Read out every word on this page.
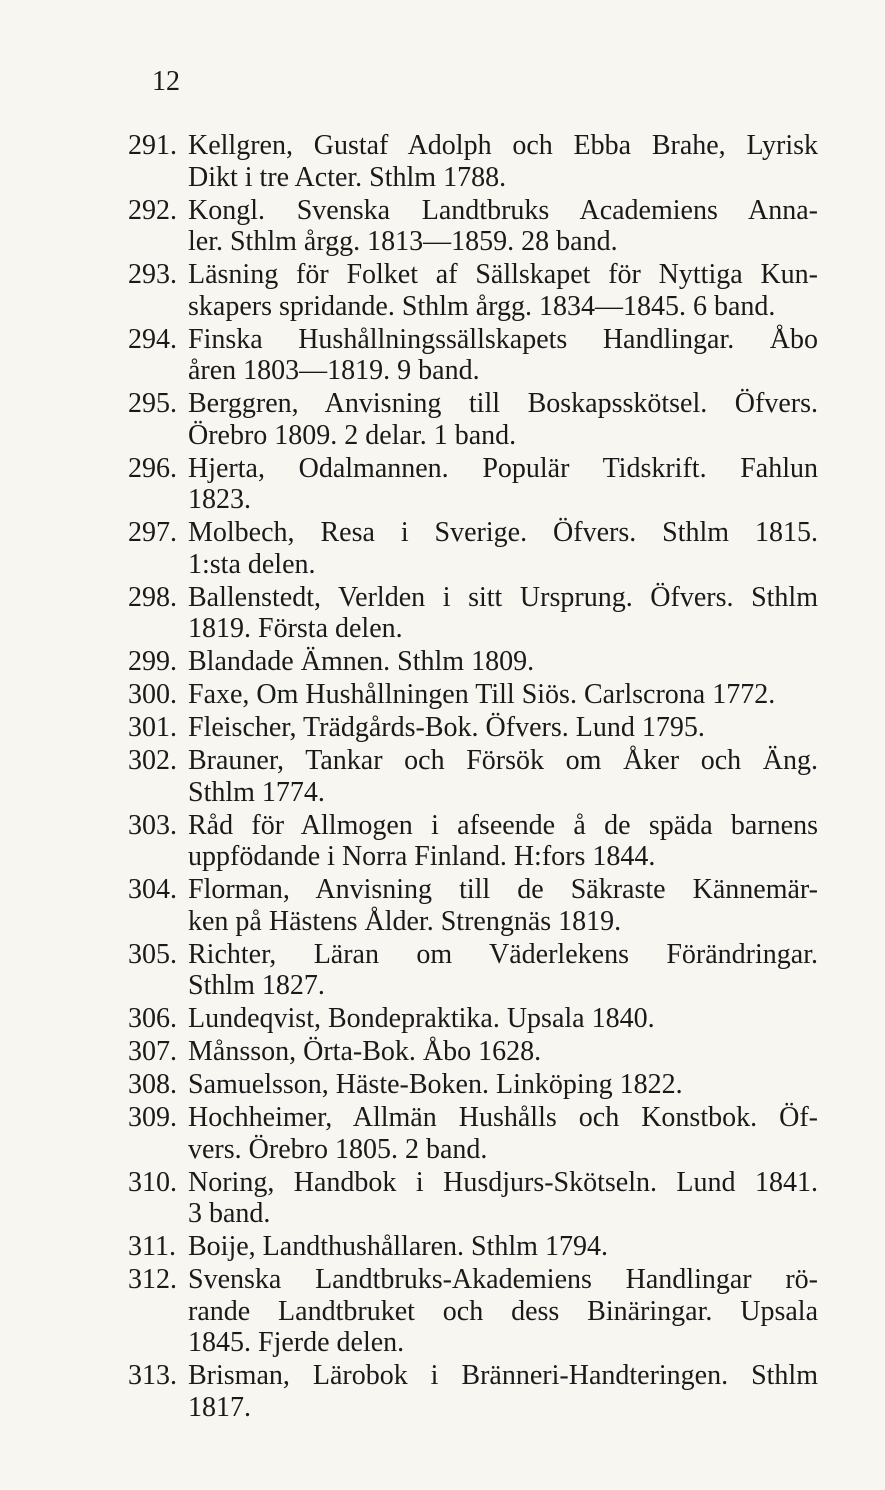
12
291. Kellgren, Gustaf Adolph och Ebba Brahe, Lyrisk
Dikt i tre Acter. Sthlm 1788.
292. Kongl. Svenska Landtbruks Academiens Anna-
ler. Sthlm årgg. 1813—1859. 28 band.
293. Läsning för Folket af Sällskapet för Nyttiga Kun-
skapers spridande. Sthlm årgg. 1834—1845. 6 band.
294. Finska Hushållningssällskapets Handlingar. Åbo
åren 1803—1819. 9 band.
295. Berggren, Anvisning till Boskapsskötsel. Öfvers.
Örebro 1809. 2 delar. 1 band.
296. Hjerta, Odalmannen. Populär Tidskrift. Fahlun
1823.
297. Molbech, Resa i Sverige. Öfvers. Sthlm 1815.
1:sta delen.
298. Ballenstedt, Verlden i sitt Ursprung. Öfvers. Sthlm
1819. Första delen.
299. Blandade Ämnen. Sthlm 1809.
300. Faxe, Om Hushållningen Till Siös. Carlscrona 1772.
301. Fleischer, Trädgårds-Bok. Öfvers. Lund 1795.
302. Brauner, Tankar och Försök om Åker och Äng.
Sthlm 1774.
303. Råd för Allmogen i afseende å de späda barnens
uppfödande i Norra Finland. H:fors 1844.
304. Florman, Anvisning till de Säkraste Kännemär-
ken på Hästens Ålder. Strengnäs 1819.
305. Richter, Läran om Väderlekens Förändringar.
Sthlm 1827.
306. Lundeqvist, Bondepraktika. Upsala 1840.
307. Månsson, Örta-Bok. Åbo 1628.
308. Samuelsson, Häste-Boken. Linköping 1822.
309. Hochheimer, Allmän Hushålls och Konstbok. Öf-
vers. Örebro 1805. 2 band.
310. Noring, Handbok i Husdjurs-Skötseln. Lund 1841.
3 band.
311. Boije, Landthushållaren. Sthlm 1794.
312. Svenska Landtbruks-Akademiens Handlingar rö-
rande Landtbruket och dess Binäringar. Upsala
1845. Fjerde delen.
313. Brisman, Lärobok i Bränneri-Handteringen. Sthlm
1817.
